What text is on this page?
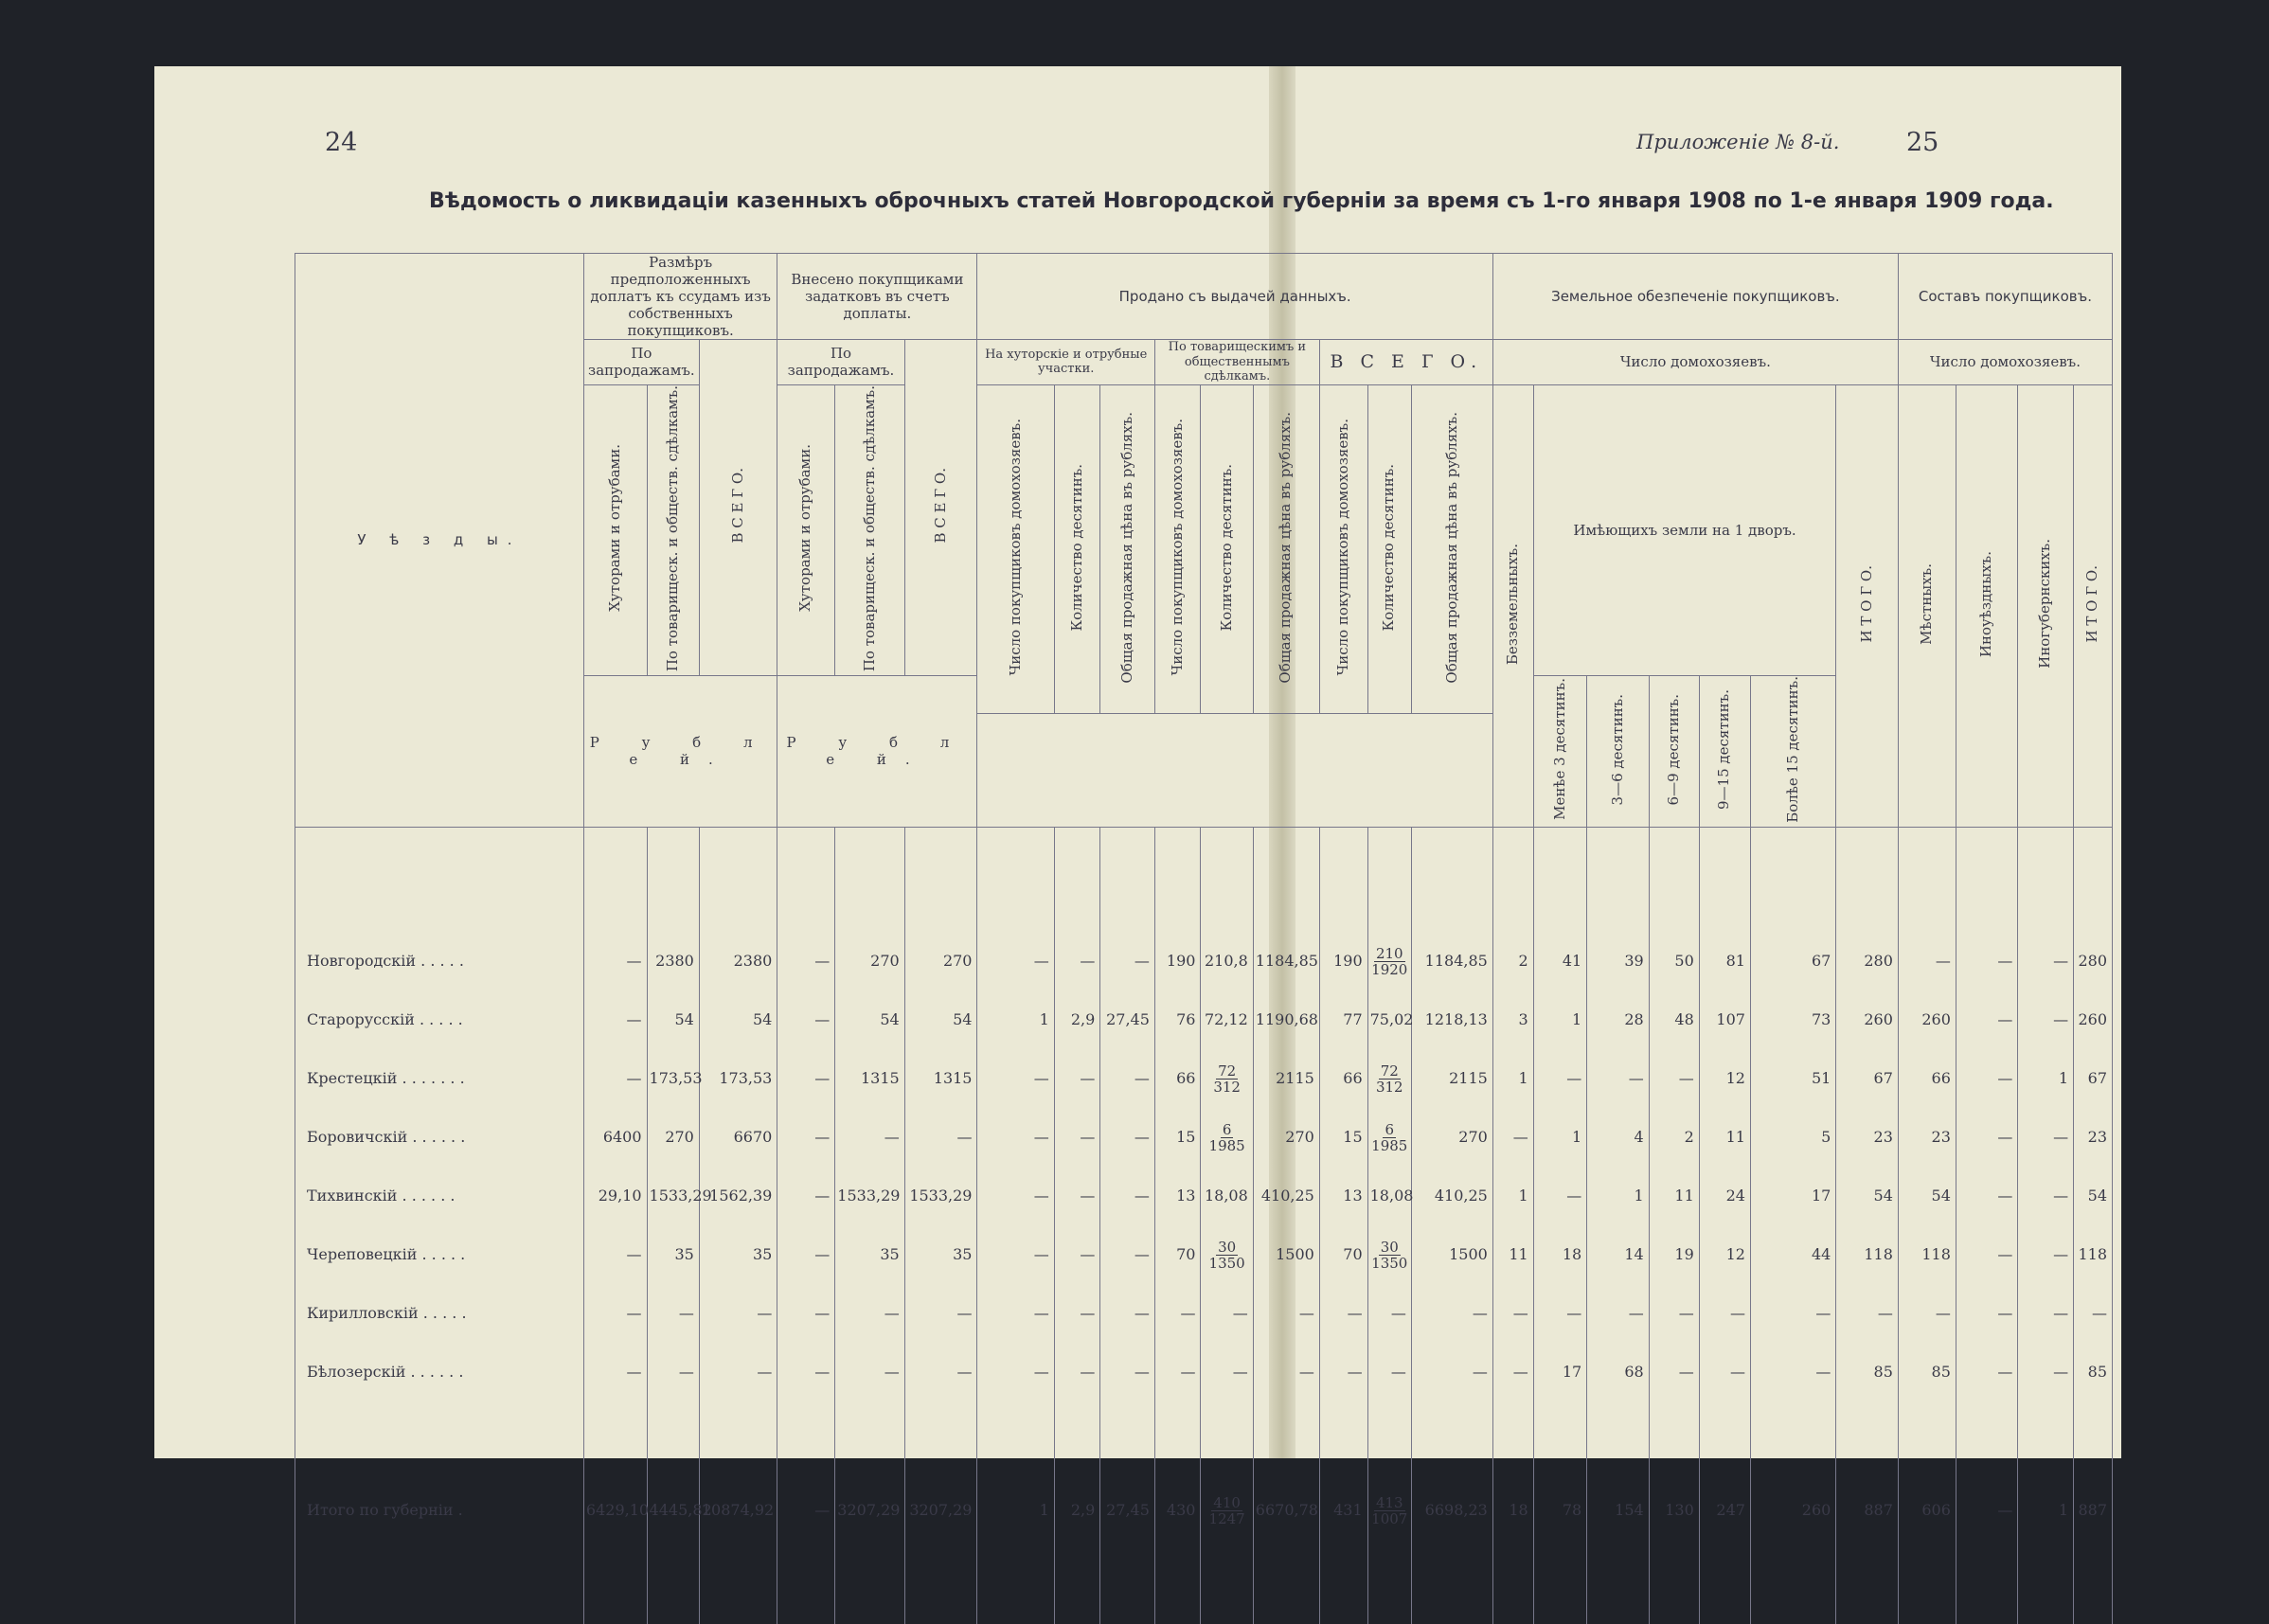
24	Приложеніе № 8-й.	25
Вѣдомость о ликвидаціи казенныхъ оброчныхъ статей Новгородской губерніи за время съ 1-го января 1908 по 1-е января 1909 года.
У ѣ з д ы.	Размѣръ предположенныхъ доплатъ къ ссудамъ изъ собственныхъ покупщиковъ.			Внесено покупщиками задатковъ въ счетъ доплаты.			Продано съ выдачей данныхъ.									Земельное обезпеченіе покупщиковъ.							Составъ покупщиковъ.			
	По запродажамъ.		В С Е Г О.	По запродажамъ.		В С Е Г О.	На хуторскіе и отрубные участки.			По товарищескимъ и общественнымъ сдѣлкамъ.			В С Е Г О.			Число домохозяевъ.							Число домохозяевъ.			
	Хуторами и отрубами.	По товарищеск. и обществ. сдѣлкамъ.		Хуторами и отрубами.	По товарищеск. и обществ. сдѣлкамъ.		Число покупщиковъ домохозяевъ.	Количество десятинъ.	Общая продажная цѣна въ рубляхъ.	Число покупщиковъ домохозяевъ.	Количество десятинъ.	Общая продажная цѣна въ рубляхъ.	Число покупщиковъ домохозяевъ.	Количество десятинъ.	Общая продажная цѣна въ рубляхъ.	Безземельныхъ.	Имѣющихъ земли на 1 дворъ.					И Т О Г О.	Мѣстныхъ.	Иноуѣздныхъ.	Иногубернскихъ.	И Т О Г О.
	Р у б л е й.			Р у б л е й.													Менѣе 3 десятинъ.	3—6 десятинъ.	6—9 десятинъ.	9—15 десятинъ.	Болѣе 15 десятинъ.					

Новгородскій . . . . .	—	2380	2380	—	270	270	—	—	—	190	210,8	1184,85	190	$\frac{210}{1920}$	1184,85	2	41	39	50	81	67	280	—	—	—	280
Старорусскій . . . . .	—	54	54	—	54	54	1	2,9	27,45	76	72,12	1190,68	77	75,02	1218,13	3	1	28	48	107	73	260	260	—	—	260
Крестецкій . . . . . . .	—	173,53	173,53	—	1315	1315	—	—	—	66	$\frac{72}{312}$	2115	66	$\frac{72}{312}$	2115	1	—	—	—	12	51	67	66	—	1	67
Боровичскій . . . . . .	6400	270	6670	—	—	—	—	—	—	15	$\frac{6}{1985}$	270	15	$\frac{6}{1985}$	270	—	1	4	2	11	5	23	23	—	—	23
Тихвинскій . . . . . .	29,10	1533,29	1562,39	—	1533,29	1533,29	—	—	—	13	18,08	410,25	13	18,08	410,25	1	—	1	11	24	17	54	54	—	—	54
Череповецкій . . . . .	—	35	35	—	35	35	—	—	—	70	$\frac{30}{1350}$	1500	70	$\frac{30}{1350}$	1500	11	18	14	19	12	44	118	118	—	—	118
Кирилловскій . . . . .	—	—	—	—	—	—	—	—	—	—	—	—	—	—	—	—	—	—	—	—	—	—	—	—	—	—
Бѣлозерскій . . . . . .	—	—	—	—	—	—	—	—	—	—	—	—	—	—	—	—	17	68	—	—	—	85	85	—	—	85

Итого по губерніи .	6429,10	4445,82	10874,92	—	3207,29	3207,29	1	2,9	27,45	430	$\frac{410}{1247}$	6670,78	431	$\frac{413}{1007}$	6698,23	18	78	154	130	247	260	887	606	—	1	887
